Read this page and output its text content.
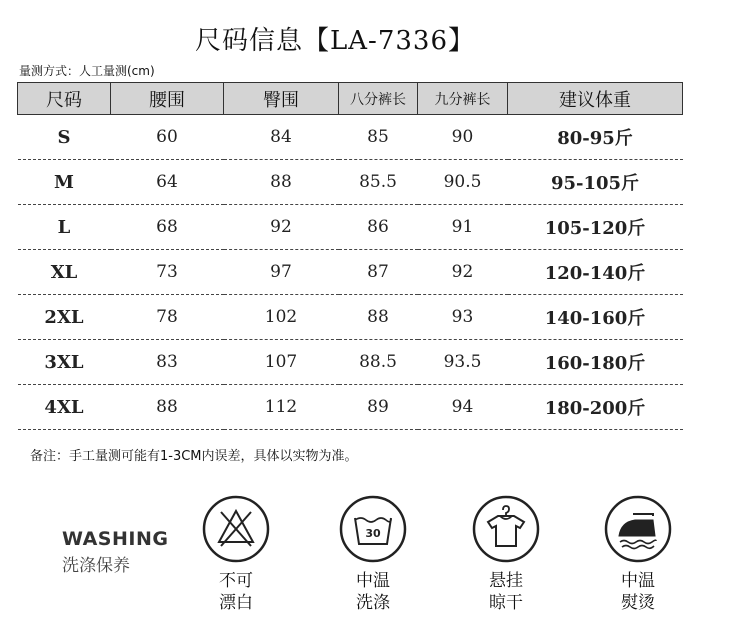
尺码信息【LA-7336】
量测方式：人工量测(cm)
尺码	腰围	臀围	八分裤长	九分裤长	建议体重
S	60	84	85	90	80-95斤
M	64	88	85.5	90.5	95-105斤
L	68	92	86	91	105-120斤
XL	73	97	87	92	120-140斤
2XL	78	102	88	93	140-160斤
3XL	83	107	88.5	93.5	160-180斤
4XL	88	112	89	94	180-200斤
备注：手工量测可能有1-3CM内误差，具体以实物为准。
WASHING
洗涤保养
不可
漂白
30
中温
洗涤
悬挂
晾干
中温
熨烫
